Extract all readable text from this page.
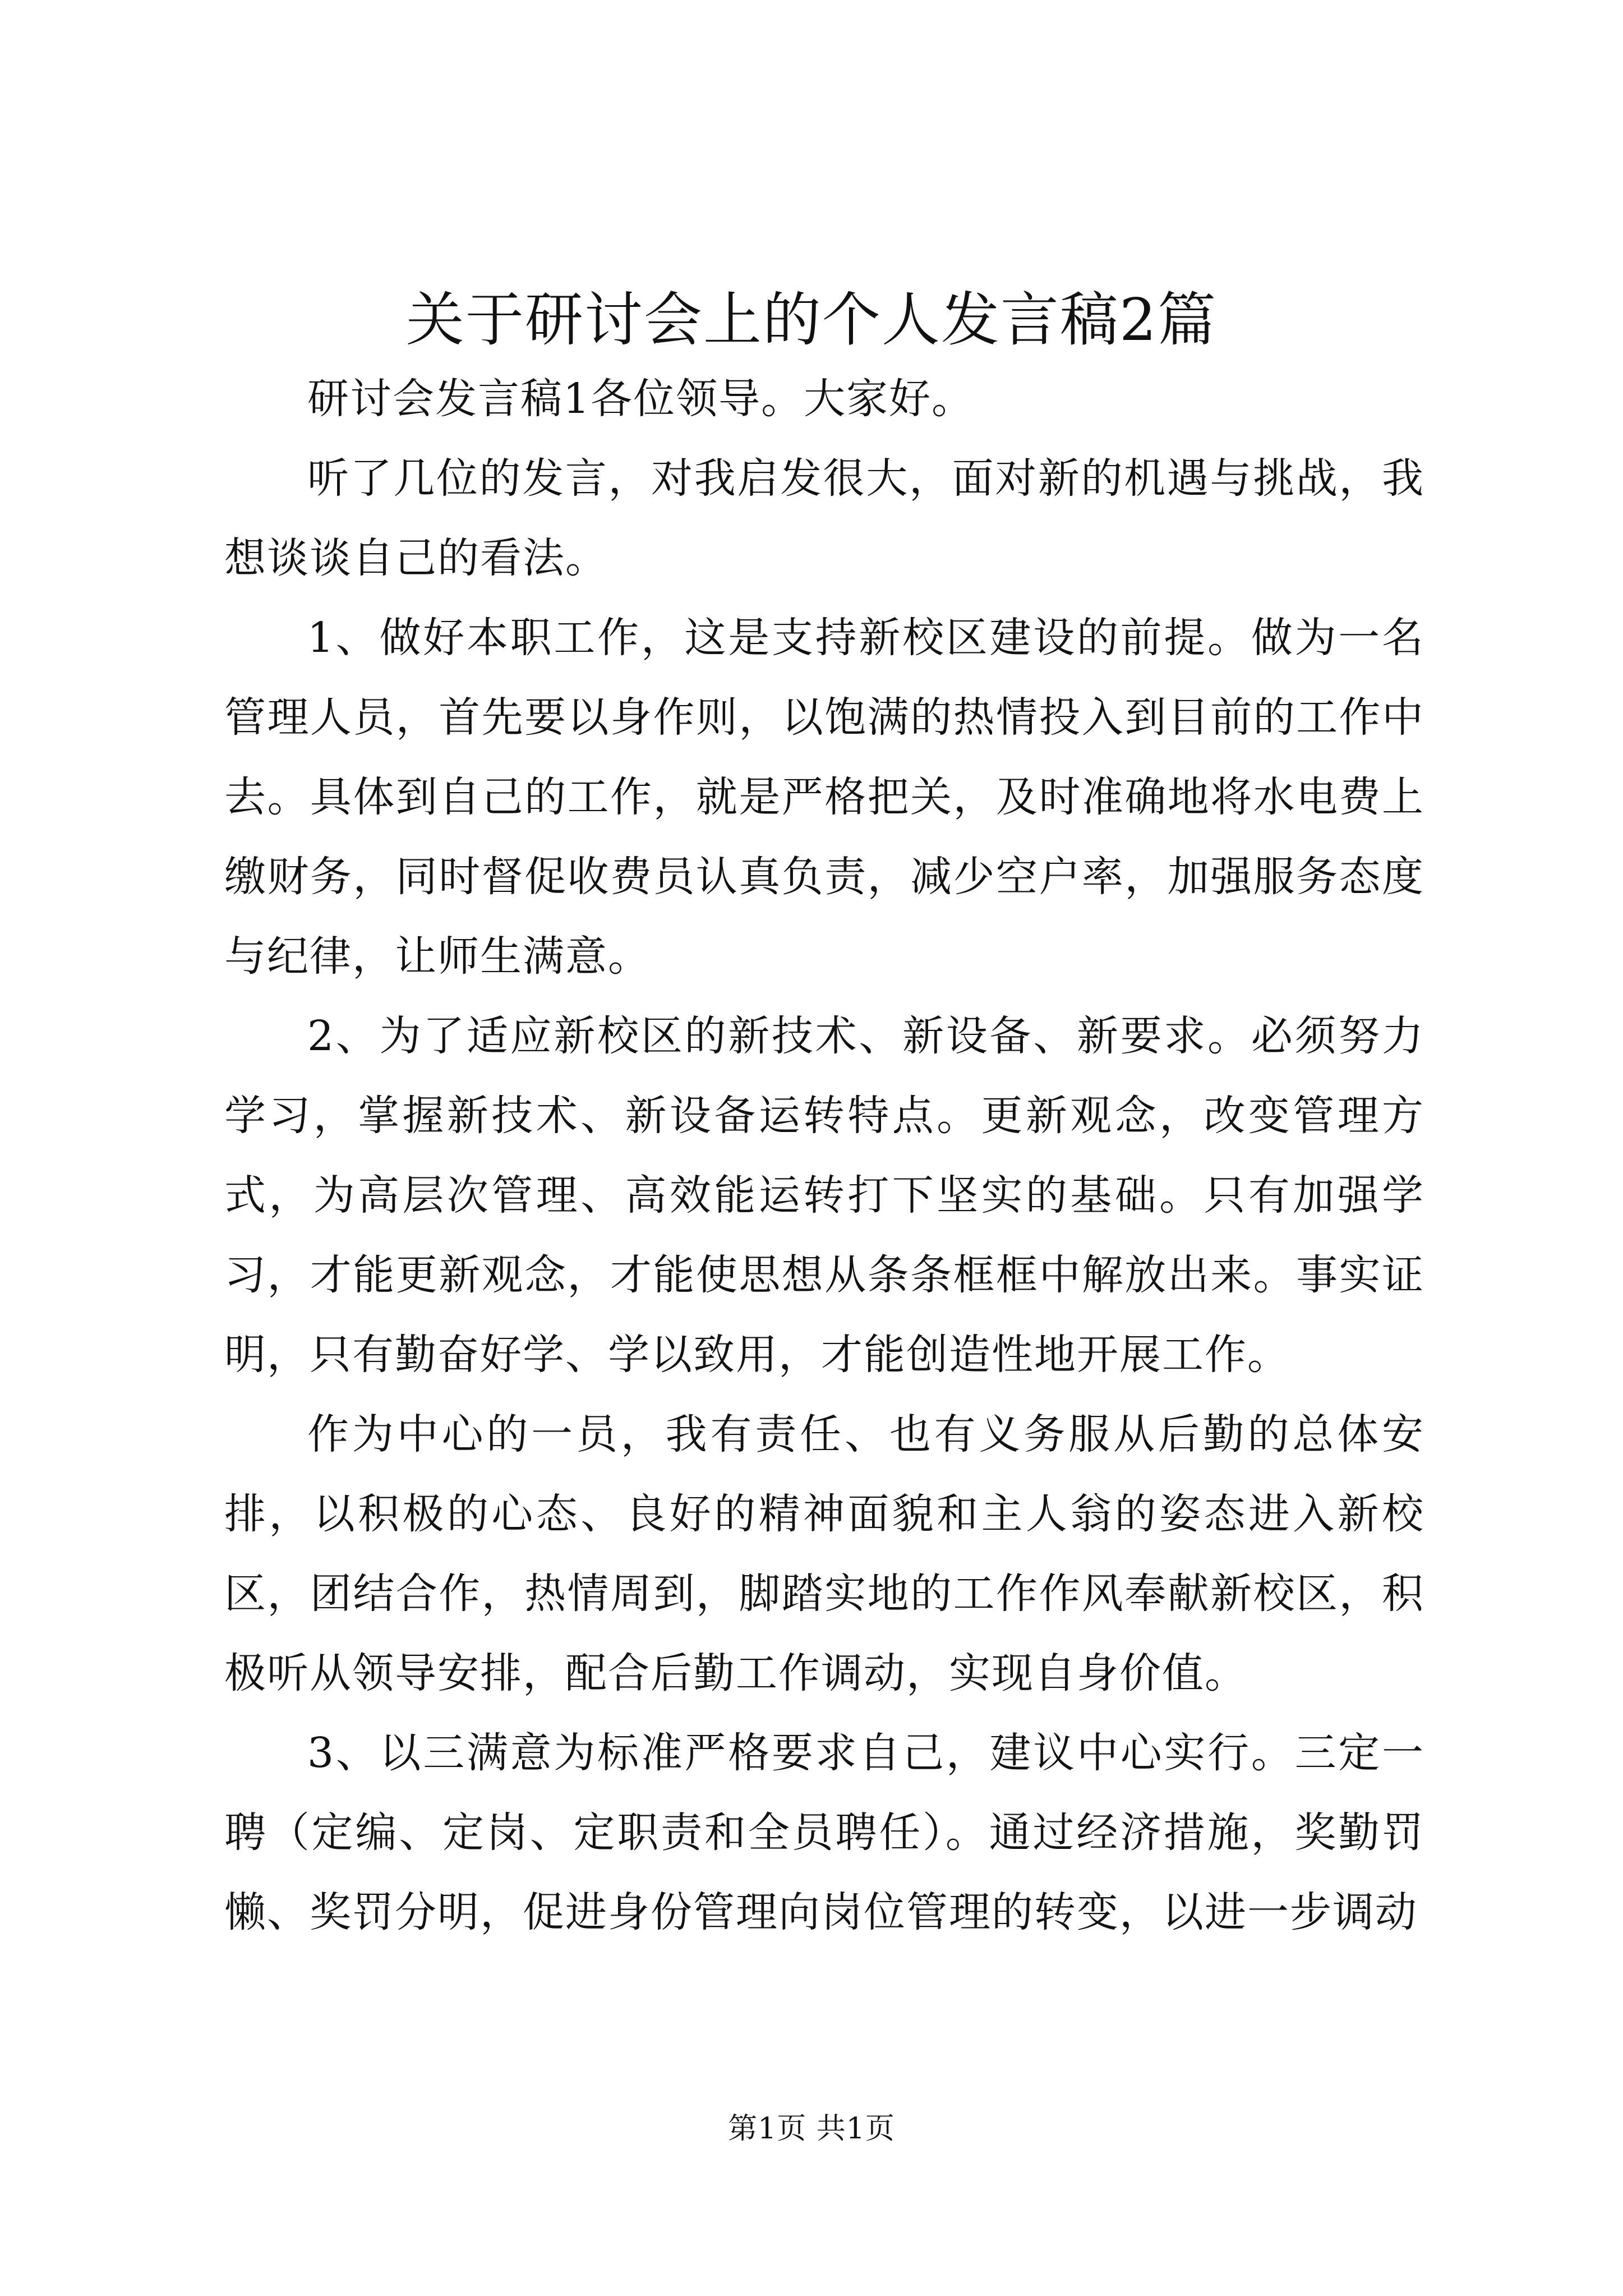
关于研讨会上的个人发言稿2篇

研讨会发言稿1各位领导。大家好。

听了几位的发言，对我启发很大，面对新的机遇与挑战，我想谈谈自己的看法。

1、做好本职工作，这是支持新校区建设的前提。做为一名管理人员，首先要以身作则，以饱满的热情投入到目前的工作中去。具体到自己的工作，就是严格把关，及时准确地将水电费上缴财务，同时督促收费员认真负责，减少空户率，加强服务态度与纪律，让师生满意。

2、为了适应新校区的新技术、新设备、新要求。必须努力学习，掌握新技术、新设备运转特点。更新观念，改变管理方式，为高层次管理、高效能运转打下坚实的基础。只有加强学习，才能更新观念，才能使思想从条条框框中解放出来。事实证明，只有勤奋好学、学以致用，才能创造性地开展工作。

作为中心的一员，我有责任、也有义务服从后勤的总体安排，以积极的心态、良好的精神面貌和主人翁的姿态进入新校区，团结合作，热情周到，脚踏实地的工作作风奉献新校区，积极听从领导安排，配合后勤工作调动，实现自身价值。

3、以三满意为标准严格要求自己，建议中心实行。三定一聘（定编、定岗、定职责和全员聘任）。通过经济措施，奖勤罚懒、奖罚分明，促进身份管理向岗位管理的转变，以进一步调动

第1页 共1页
